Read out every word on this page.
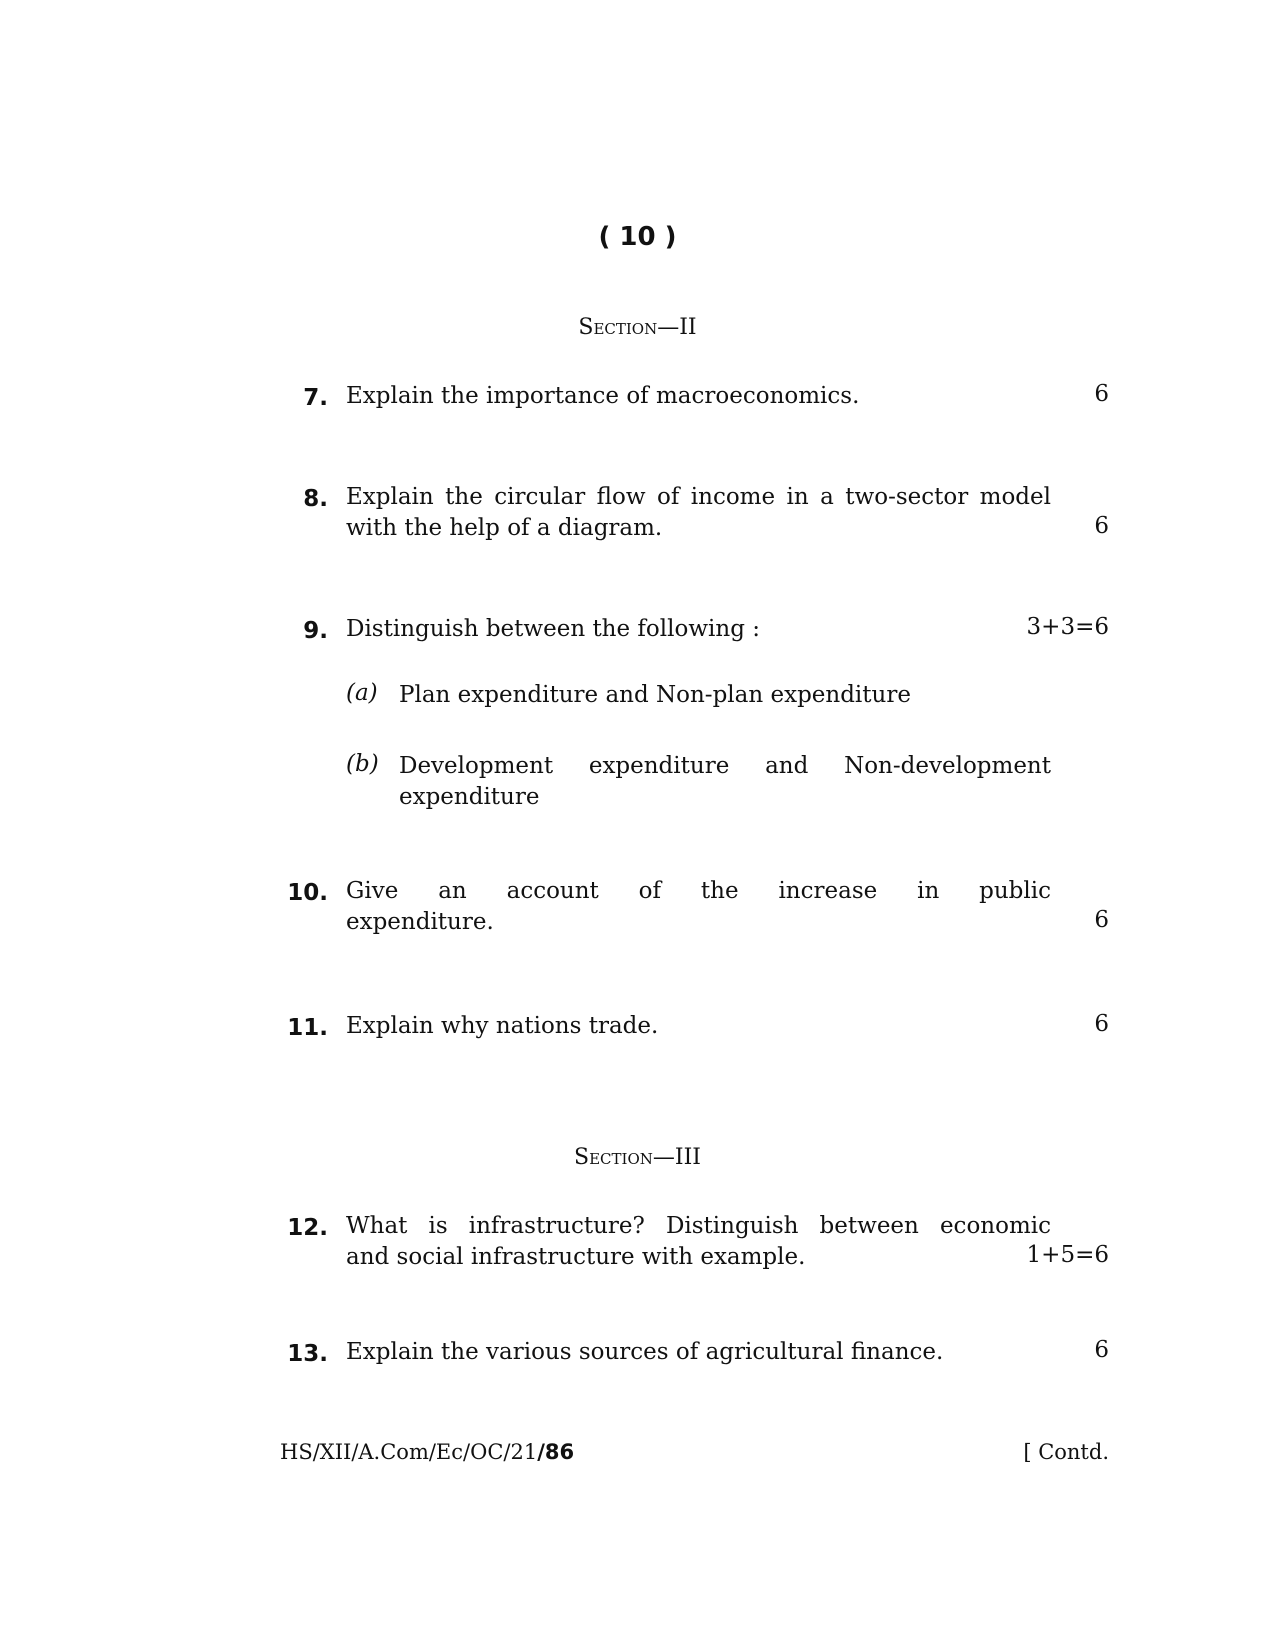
( 10 )
Section—II
7. Explain the importance of macroeconomics.	6
8. Explain the circular flow of income in a two-sector model
with the help of a diagram.	6
9. Distinguish between the following :	3+3=6
(a) Plan expenditure and Non-plan expenditure
(b) Development expenditure and Non-development
expenditure
10. Give an account of the increase in public
expenditure.	6
11. Explain why nations trade.	6
Section—III
12. What is infrastructure? Distinguish between economic
and social infrastructure with example.	1+5=6
13. Explain the various sources of agricultural finance.	6
HS/XII/A.Com/Ec/OC/21/86	[ Contd.
